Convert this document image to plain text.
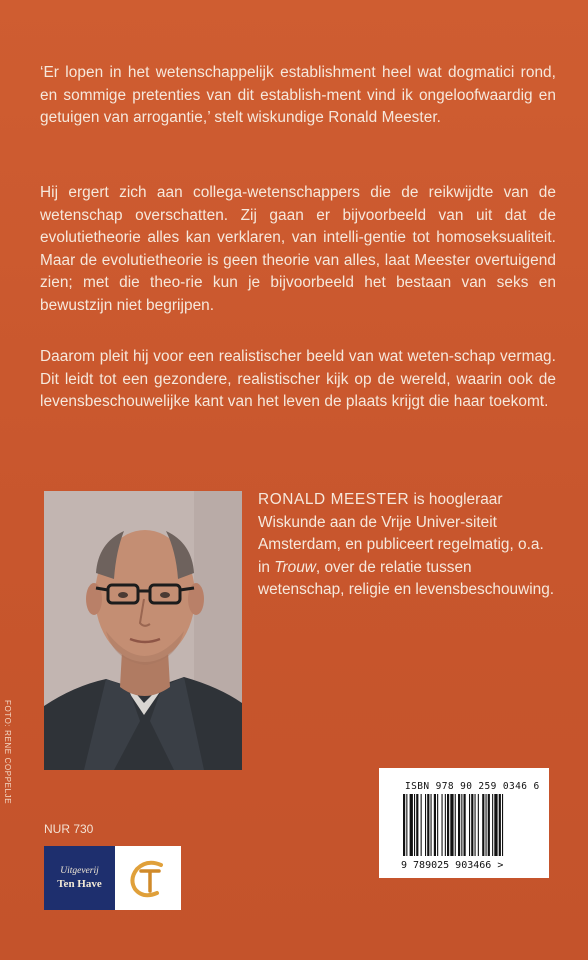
‘Er lopen in het wetenschappelijk establishment heel wat dogmatici rond, en sommige pretenties van dit establish-ment vind ik ongeloofwaardig en getuigen van arrogantie,’ stelt wiskundige Ronald Meester.

Hij ergert zich aan collega-wetenschappers die de reikwijdte van de wetenschap overschatten. Zij gaan er bijvoorbeeld van uit dat de evolutietheorie alles kan verklaren, van intelli-gentie tot homoseksualiteit. Maar de evolutietheorie is geen theorie van alles, laat Meester overtuigend zien; met die theo-rie kun je bijvoorbeeld het bestaan van seks en bewustzijn niet begrijpen.

Daarom pleit hij voor een realistischer beeld van wat weten-schap vermag. Dit leidt tot een gezondere, realistischer kijk op de wereld, waarin ook de levensbeschouwelijke kant van het leven de plaats krijgt die haar toekomt.

FOTO: RENE COPPELJE

RONALD MEESTER is hoogleraar Wiskunde aan de Vrije Univer-siteit Amsterdam, en publiceert regelmatig, o.a. in Trouw, over de relatie tussen wetenschap, religie en levensbeschouwing.

ISBN 978 90 259 0346 6
9 789025 903466 >
NUR 730
Uitgeverij
Ten Have
